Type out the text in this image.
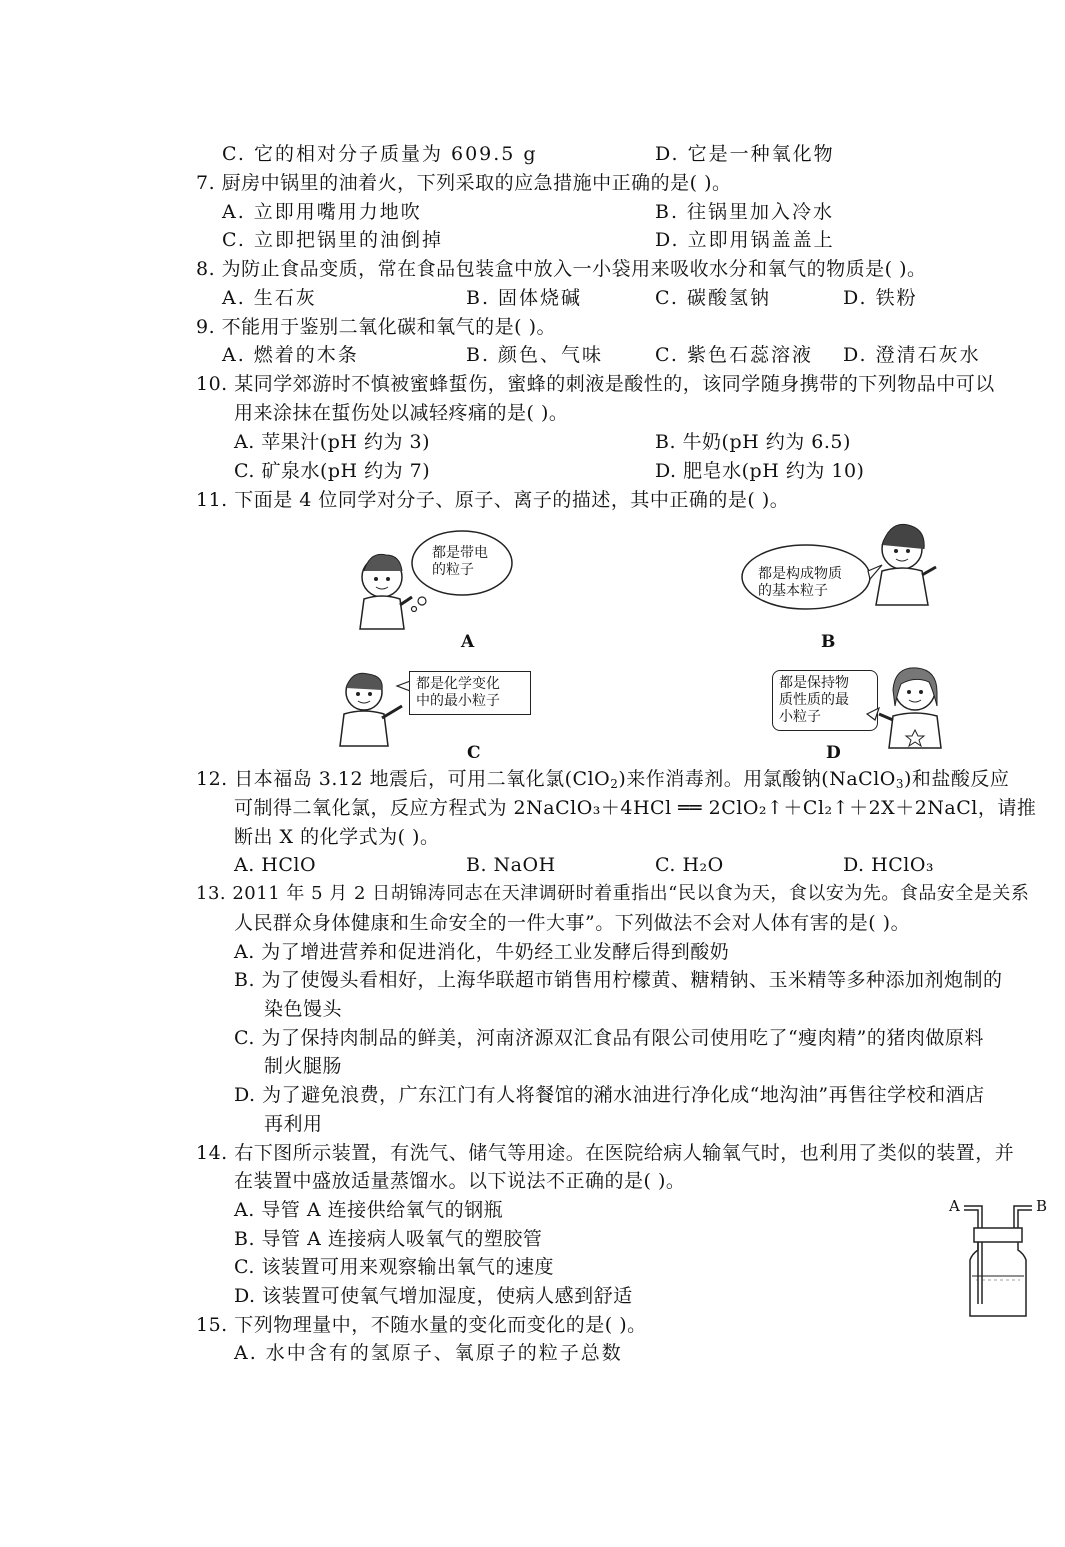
C. 它的相对分子质量为 609.5 g	D. 它是一种氧化物
7. 厨房中锅里的油着火，下列采取的应急措施中正确的是( )。
A. 立即用嘴用力地吹	B. 往锅里加入冷水
C. 立即把锅里的油倒掉	D. 立即用锅盖盖上
8. 为防止食品变质，常在食品包装盒中放入一小袋用来吸收水分和氧气的物质是( )。
A. 生石灰	B. 固体烧碱	C. 碳酸氢钠	D. 铁粉
9. 不能用于鉴别二氧化碳和氧气的是( )。
A. 燃着的木条	B. 颜色、气味	C. 紫色石蕊溶液 D. 澄清石灰水
10. 某同学郊游时不慎被蜜蜂蜇伤，蜜蜂的刺液是酸性的，该同学随身携带的下列物品中可以
用来涂抹在蜇伤处以减轻疼痛的是( )。
A. 苹果汁(pH 约为 3)	B. 牛奶(pH 约为 6.5)
C. 矿泉水(pH 约为 7)	D. 肥皂水(pH 约为 10)
11. 下面是 4 位同学对分子、原子、离子的描述，其中正确的是( )。
都是带电
的粒子
A
都是构成物质
的基本粒子
B
都是化学变化
中的最小粒子
C
都是保持物
质性质的最
小粒子
D
12. 日本福岛 3.12 地震后，可用二氧化氯(ClO$_2$)来作消毒剂。用氯酸钠(NaClO$_3$)和盐酸反应
可制得二氧化氯，反应方程式为 2NaClO₃＋4HCl ══ 2ClO₂↑＋Cl₂↑＋2X＋2NaCl，请推
断出 X 的化学式为( )。
A. HClO	B. NaOH	C. H₂O	D. HClO₃
13. 2011 年 5 月 2 日胡锦涛同志在天津调研时着重指出“民以食为天，食以安为先。食品安全是关系
人民群众身体健康和生命安全的一件大事”。下列做法不会对人体有害的是( )。
A. 为了增进营养和促进消化，牛奶经工业发酵后得到酸奶
B. 为了使馒头看相好，上海华联超市销售用柠檬黄、糖精钠、玉米精等多种添加剂炮制的
染色馒头
C. 为了保持肉制品的鲜美，河南济源双汇食品有限公司使用吃了“瘦肉精”的猪肉做原料
制火腿肠
D. 为了避免浪费，广东江门有人将餐馆的潲水油进行净化成“地沟油”再售往学校和酒店
再利用
14. 右下图所示装置，有洗气、储气等用途。在医院给病人输氧气时，也利用了类似的装置，并
在装置中盛放适量蒸馏水。以下说法不正确的是( )。
A. 导管 A 连接供给氧气的钢瓶
B. 导管 A 连接病人吸氧气的塑胶管
C. 该装置可用来观察输出氧气的速度
D. 该装置可使氧气增加湿度，使病人感到舒适
A	B
15. 下列物理量中，不随水量的变化而变化的是( )。
A. 水中含有的氢原子、氧原子的粒子总数
